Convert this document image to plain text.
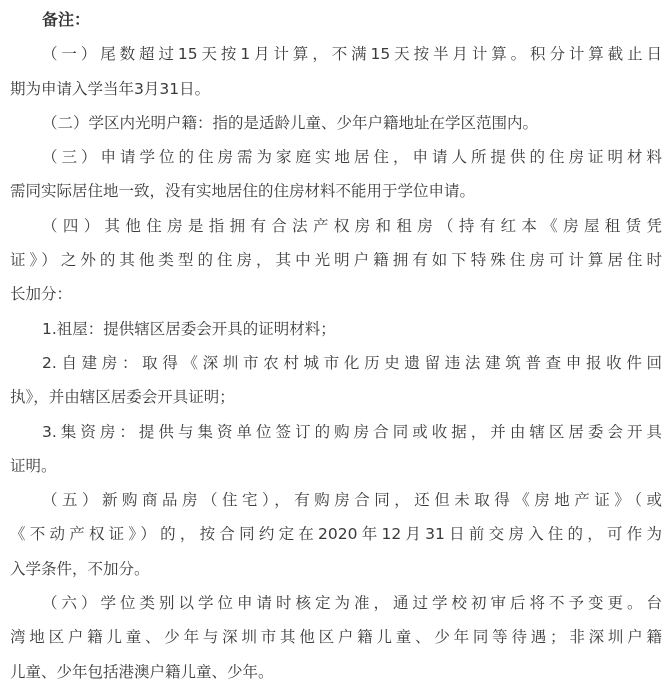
备注：
（一）尾数超过15天按1月计算，不满15天按半月计算。积分计算截止日
期为申请入学当年3月31日。
（二）学区内光明户籍：指的是适龄儿童、少年户籍地址在学区范围内。
（三）申请学位的住房需为家庭实地居住，申请人所提供的住房证明材料
需同实际居住地一致，没有实地居住的住房材料不能用于学位申请。
（四）其他住房是指拥有合法产权房和租房（持有红本《房屋租赁凭
证》）之外的其他类型的住房，其中光明户籍拥有如下特殊住房可计算居住时
长加分：
1.祖屋：提供辖区居委会开具的证明材料；
2.自建房：取得《深圳市农村城市化历史遗留违法建筑普查申报收件回
执》，并由辖区居委会开具证明；
3.集资房：提供与集资单位签订的购房合同或收据，并由辖区居委会开具
证明。
（五）新购商品房（住宅），有购房合同，还但未取得《房地产证》（或
《不动产权证》）的，按合同约定在2020年12月31日前交房入住的，可作为
入学条件，不加分。
（六）学位类别以学位申请时核定为准，通过学校初审后将不予变更。台
湾地区户籍儿童、少年与深圳市其他区户籍儿童、少年同等待遇；非深圳户籍
儿童、少年包括港澳户籍儿童、少年。
